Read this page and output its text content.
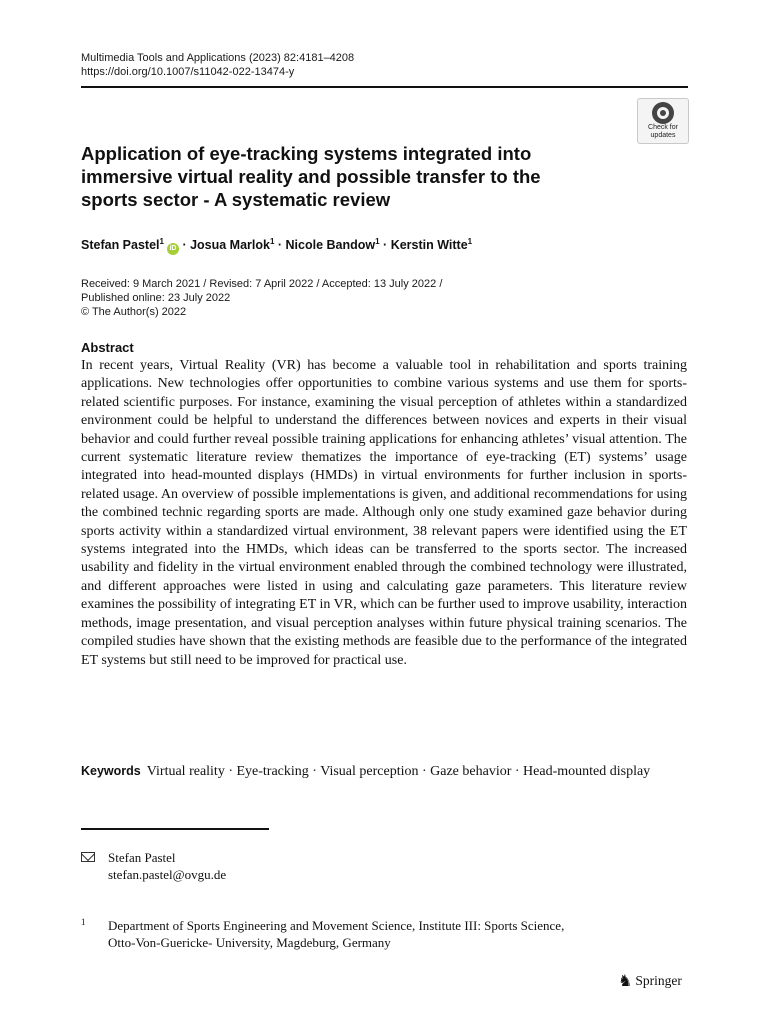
Multimedia Tools and Applications (2023) 82:4181–4208
https://doi.org/10.1007/s11042-022-13474-y
Check for
updates
Application of eye-tracking systems integrated into immersive virtual reality and possible transfer to the sports sector - A systematic review
Stefan Pastel$^1$iD · Josua Marlok$^1$ · Nicole Bandow$^1$ · Kerstin Witte$^1$
Received: 9 March 2021 / Revised: 7 April 2022 / Accepted: 13 July 2022 /
Published online: 23 July 2022
© The Author(s) 2022
Abstract
In recent years, Virtual Reality (VR) has become a valuable tool in rehabilitation and sports training applications. New technologies offer opportunities to combine various systems and use them for sports-related scientific purposes. For instance, examining the visual perception of athletes within a standardized environment could be helpful to understand the differences between novices and experts in their visual behavior and could further reveal possible training applications for enhancing athletes’ visual attention. The current systematic literature review thematizes the importance of eye-tracking (ET) systems’ usage integrated into head-mounted displays (HMDs) in virtual environments for further inclusion in sports-related usage. An overview of possible implementations is given, and additional recommendations for using the combined technic regarding sports are made. Although only one study examined gaze behavior during sports activity within a standardized virtual environment, 38 relevant papers were identified using the ET systems integrated into the HMDs, which ideas can be transferred to the sports sector. The increased usability and fidelity in the virtual environment enabled through the combined technology were illustrated, and different approaches were listed in using and calculating gaze parameters. This literature review examines the possibility of integrating ET in VR, which can be further used to improve usability, interaction methods, image presentation, and visual perception analyses within future physical training scenarios. The compiled studies have shown that the existing methods are feasible due to the performance of the integrated ET systems but still need to be improved for practical use.
Keywords Virtual reality · Eye-tracking · Visual perception · Gaze behavior · Head-mounted display
Stefan Pastel
stefan.pastel@ovgu.de
1 Department of Sports Engineering and Movement Science, Institute III: Sports Science,
Otto-Von-Guericke- University, Magdeburg, Germany
♞ Springer
